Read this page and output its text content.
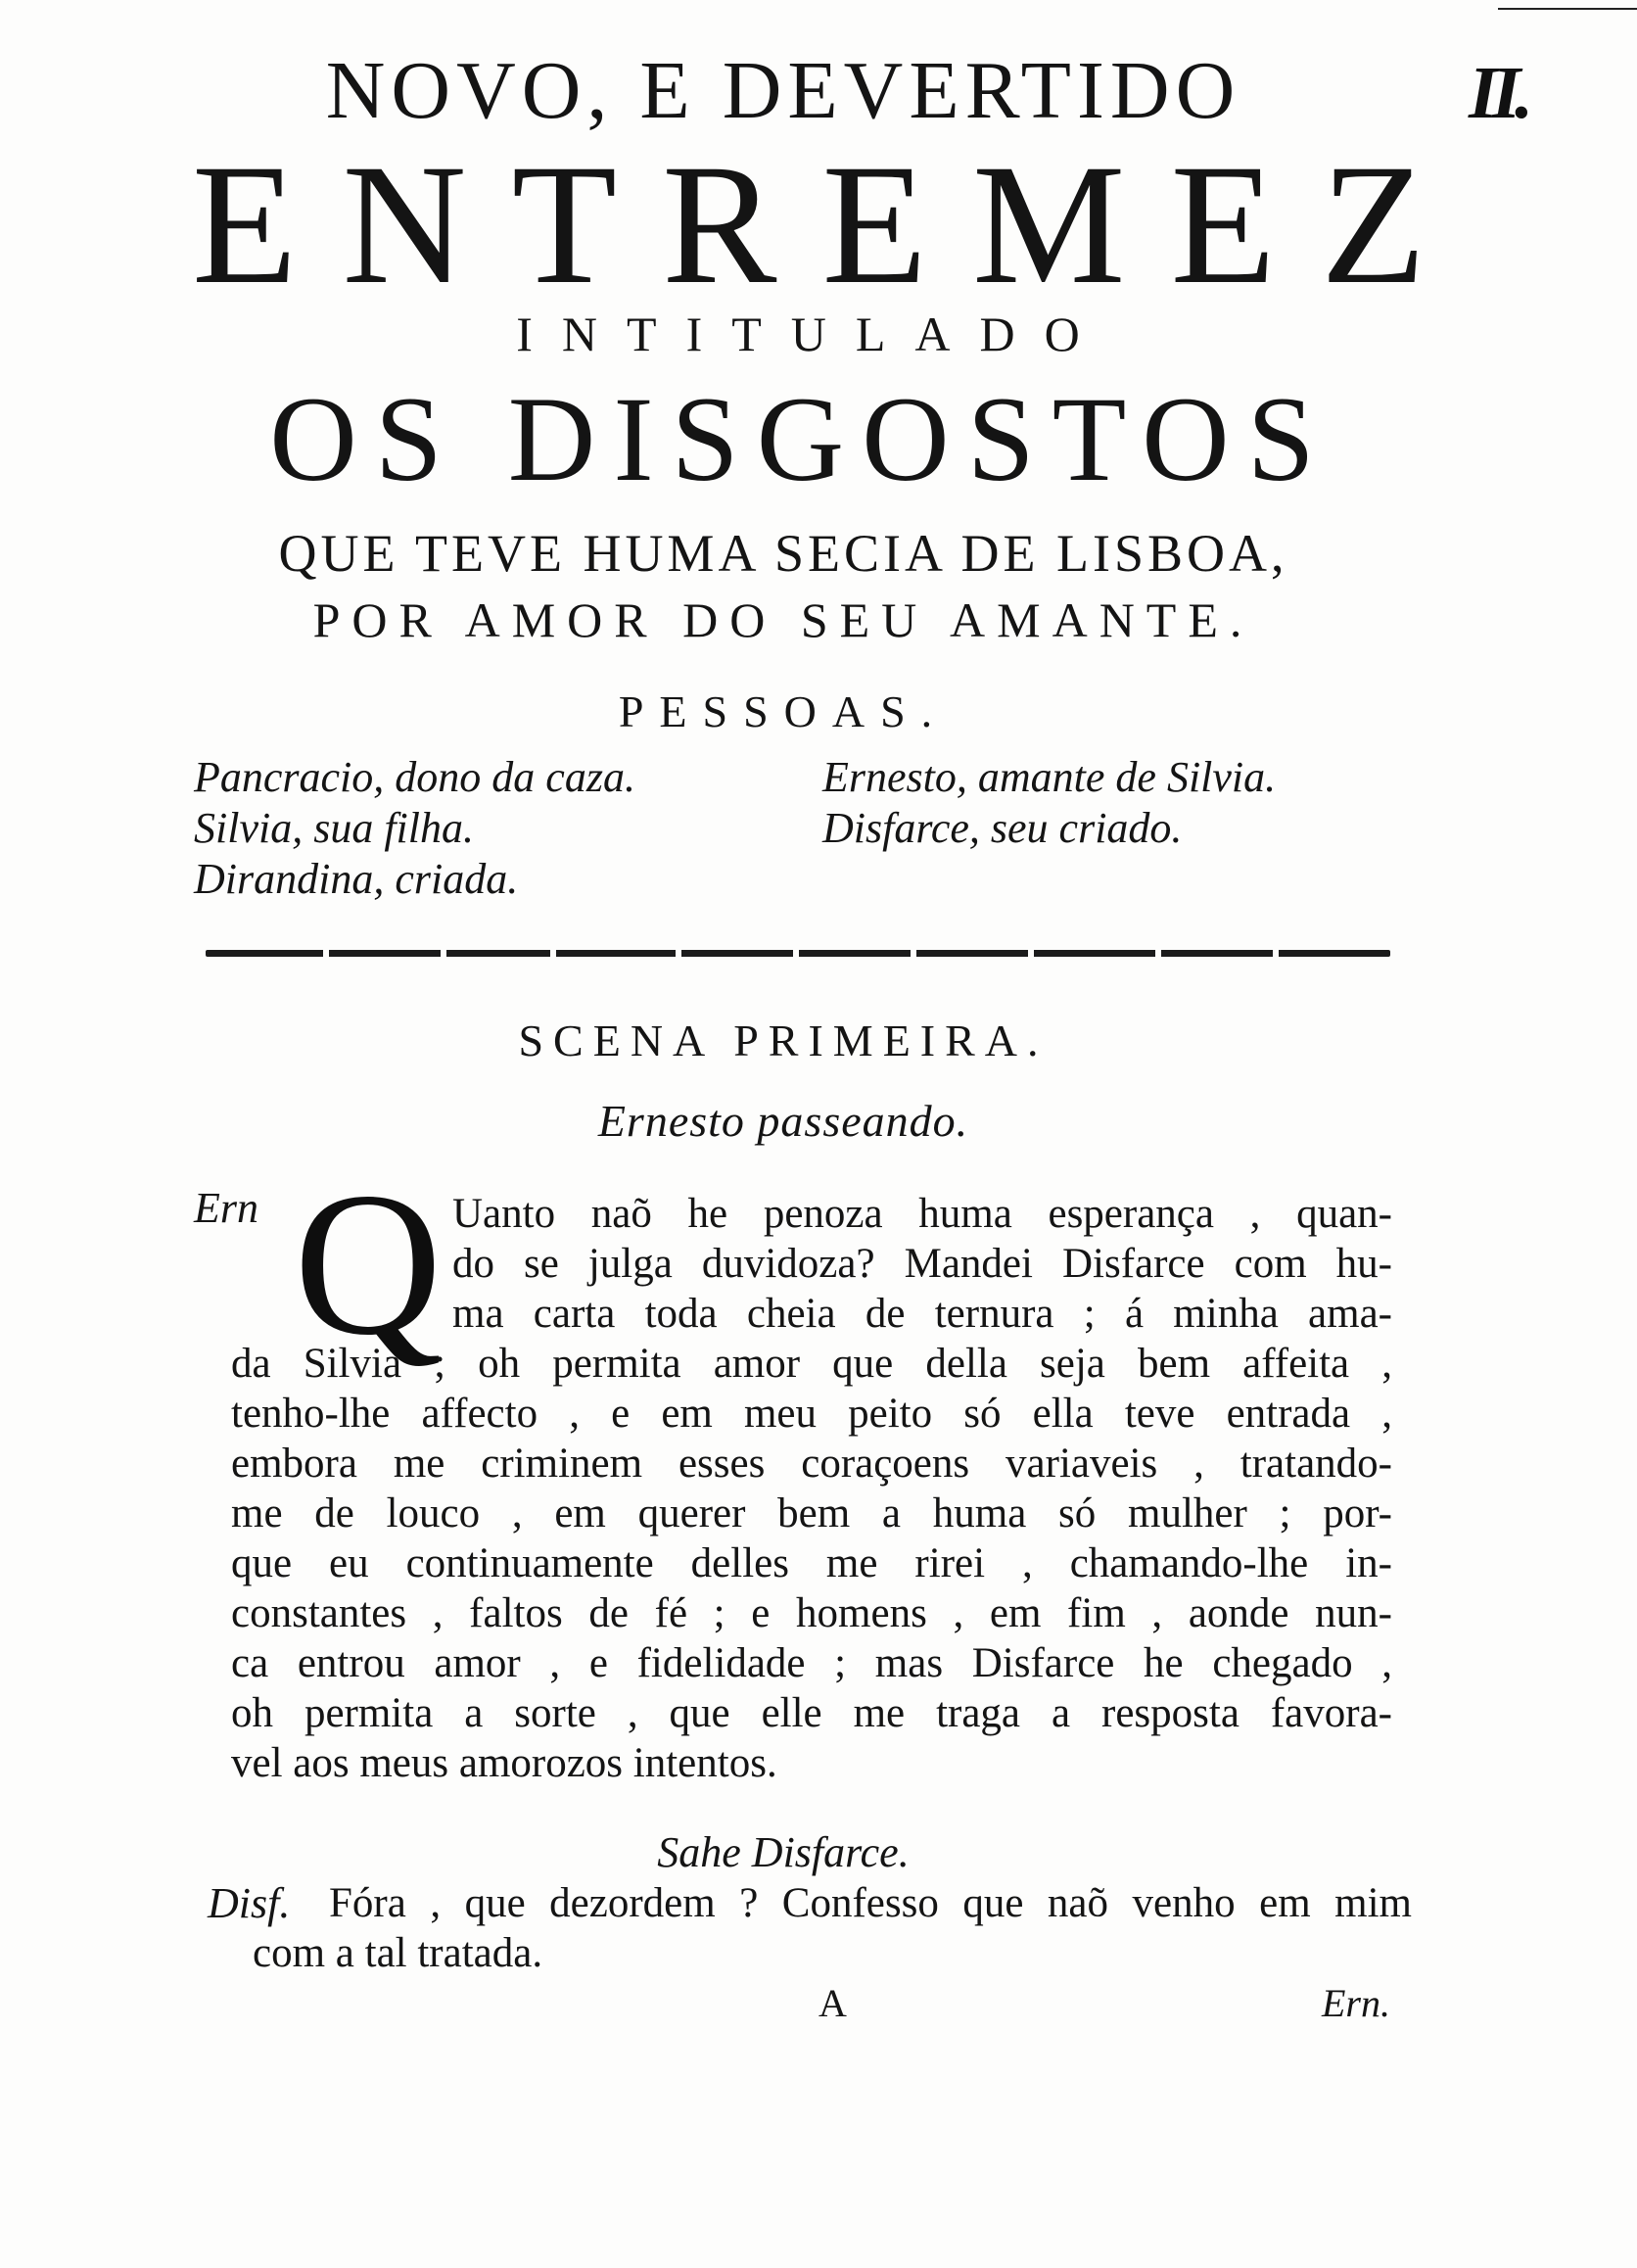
II.
NOVO, E DEVERTIDO
ENTREMEZ
INTITULADO
OS DISGOSTOS
QUE TEVE HUMA SECIA DE LISBOA,
POR AMOR DO SEU AMANTE.
PESSOAS.
Pancracio, dono da caza.
Silvia, sua filha.
Dirandina, criada.
Ernesto, amante de Silvia.
Disfarce, seu criado.
SCENA PRIMEIRA.
Ernesto passeando.
Ern Q Uanto naõ he penoza huma esperança , quan-
do se julga duvidoza? Mandei Disfarce com hu-
ma carta toda cheia de ternura ; á minha ama-
da Silvia ; oh permita amor que della seja bem affeita ,
tenho-lhe affecto , e em meu peito só ella teve entrada ,
embora me criminem esses coraçoens variaveis , tratando-
me de louco , em querer bem a huma só mulher ; por-
que eu continuamente delles me rirei , chamando-lhe in-
constantes , faltos de fé ; e homens , em fim , aonde nun-
ca entrou amor , e fidelidade ; mas Disfarce he chegado ,
oh permita a sorte , que elle me traga a resposta favora-
vel aos meus amorozos intentos.
Sahe Disfarce.
Disf. Fóra , que dezordem ? Confesso que naõ venho em mim
com a tal tratada.
A	Ern.
